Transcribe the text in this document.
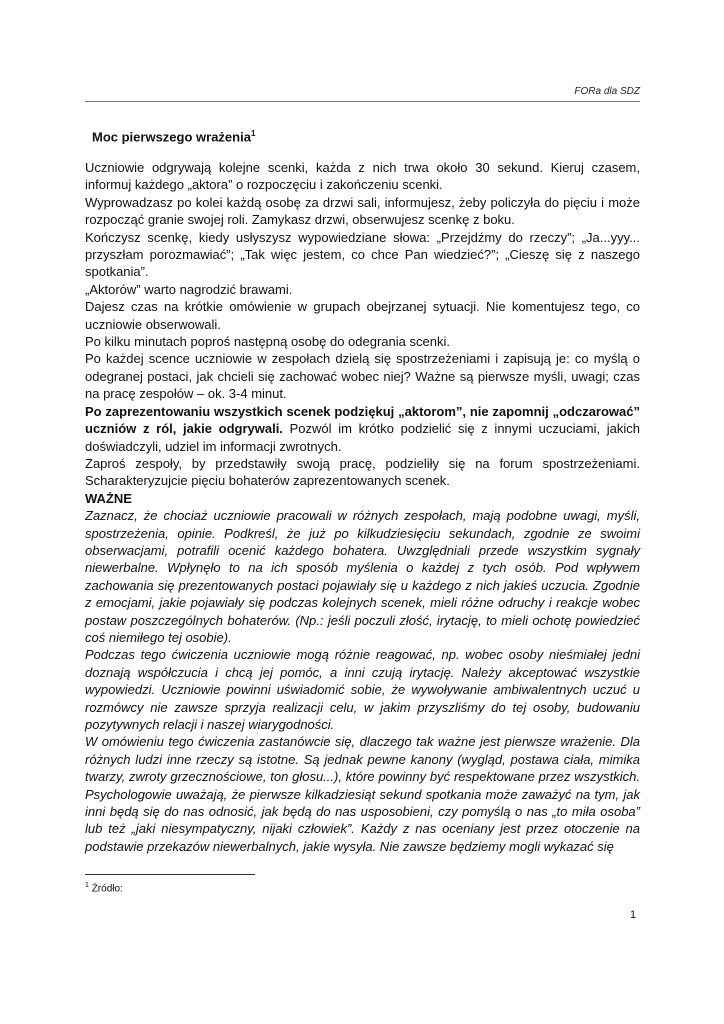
FORa dla SDZ
Moc pierwszego wrażenia$^1$

Uczniowie odgrywają kolejne scenki, każda z nich trwa około 30 sekund. Kieruj czasem, informuj każdego „aktora” o rozpoczęciu i zakończeniu scenki.

Wyprowadzasz po kolei każdą osobę za drzwi sali, informujesz, żeby policzyła do pięciu i może rozpocząć granie swojej roli. Zamykasz drzwi, obserwujesz scenkę z boku.

Kończysz scenkę, kiedy usłyszysz wypowiedziane słowa: „Przejdźmy do rzeczy”; „Ja...yyy... przyszłam porozmawiać”; „Tak więc jestem, co chce Pan wiedzieć?”; „Cieszę się z naszego spotkania”.

„Aktorów” warto nagrodzić brawami.

Dajesz czas na krótkie omówienie w grupach obejrzanej sytuacji. Nie komentujesz tego, co uczniowie obserwowali.

Po kilku minutach poproś następną osobę do odegrania scenki.

Po każdej scence uczniowie w zespołach dzielą się spostrzeżeniami i zapisują je: co myślą o odegranej postaci, jak chcieli się zachować wobec niej? Ważne są pierwsze myśli, uwagi; czas na pracę zespołów – ok. 3-4 minut.

Po zaprezentowaniu wszystkich scenek podziękuj „aktorom”, nie zapomnij „odczarować” uczniów z ról, jakie odgrywali. Pozwól im krótko podzielić się z innymi uczuciami, jakich doświadczyli, udziel im informacji zwrotnych.

Zaproś zespoły, by przedstawiły swoją pracę, podzieliły się na forum spostrzeżeniami. Scharakteryzujcie pięciu bohaterów zaprezentowanych scenek.

WAŻNE

Zaznacz, że chociaż uczniowie pracowali w różnych zespołach, mają podobne uwagi, myśli, spostrzeżenia, opinie. Podkreśl, że już po kilkudziesięciu sekundach, zgodnie ze swoimi obserwacjami, potrafili ocenić każdego bohatera. Uwzględniali przede wszystkim sygnały niewerbalne. Wpłynęło to na ich sposób myślenia o każdej z tych osób. Pod wpływem zachowania się prezentowanych postaci pojawiały się u każdego z nich jakieś uczucia. Zgodnie z emocjami, jakie pojawiały się podczas kolejnych scenek, mieli różne odruchy i reakcje wobec postaw poszczególnych bohaterów. (Np.: jeśli poczuli złość, irytację, to mieli ochotę powiedzieć coś niemiłego tej osobie).

Podczas tego ćwiczenia uczniowie mogą różnie reagować, np. wobec osoby nieśmiałej jedni doznają współczucia i chcą jej pomóc, a inni czują irytację. Należy akceptować wszystkie wypowiedzi. Uczniowie powinni uświadomić sobie, że wywoływanie ambiwalentnych uczuć u rozmówcy nie zawsze sprzyja realizacji celu, w jakim przyszliśmy do tej osoby, budowaniu pozytywnych relacji i naszej wiarygodności.

W omówieniu tego ćwiczenia zastanówcie się, dlaczego tak ważne jest pierwsze wrażenie. Dla różnych ludzi inne rzeczy są istotne. Są jednak pewne kanony (wygląd, postawa ciała, mimika twarzy, zwroty grzecznościowe, ton głosu...), które powinny być respektowane przez wszystkich. Psychologowie uważają, że pierwsze kilkadziesiąt sekund spotkania może zaważyć na tym, jak inni będą się do nas odnosić, jak będą do nas usposobieni, czy pomyślą o nas „to miła osoba” lub też „jaki niesympatyczny, nijaki człowiek”. Każdy z nas oceniany jest przez otoczenie na podstawie przekazów niewerbalnych, jakie wysyła. Nie zawsze będziemy mogli wykazać się

$^1$ Źródło:
1
